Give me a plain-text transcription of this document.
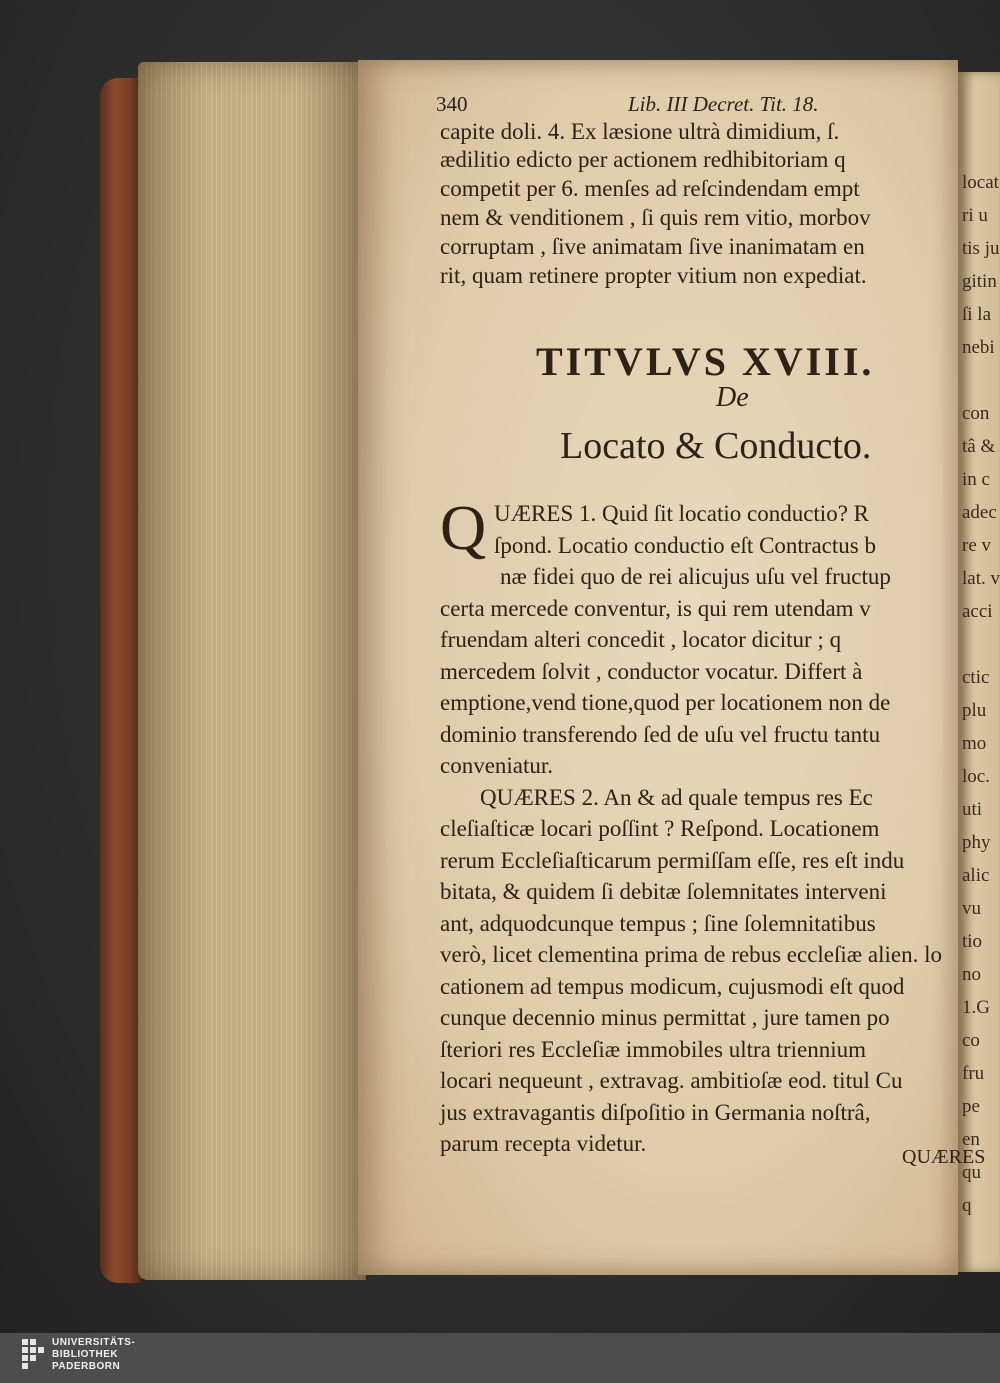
locat
ri u
tis ju
gitin
ſi la
nebi
con
tâ &
in c
adec
re v
lat. v
acci
ctic
plu
mo
loc.
uti
phy
alic
vu
tio
no
1.G
co
fru
pe
en
qu
q
340	Lib. III Decret. Tit. 18.
capite doli. 4. Ex læsione ultrà dimidium, ſ.
ædilitio edicto per actionem redhibitoriam q
competit per 6. menſes ad reſcindendam empt
nem & venditionem , ſi quis rem vitio, morbov
corruptam , ſive animatam ſive inanimatam en
rit, quam retinere propter vitium non expediat.
TITVLVS XVIII.
De
Locato & Conducto.
Q UÆRES 1. Quid ſit locatio conductio? R
ſpond. Locatio conductio eſt Contractus b
næ fidei quo de rei alicujus uſu vel fructup
certa mercede conventur, is qui rem utendam v
fruendam alteri concedit , locator dicitur ; q
mercedem ſolvit , conductor vocatur. Differt à
emptione,vend tione,quod per locationem non de
dominio transferendo ſed de uſu vel fructu tantu
conveniatur.
QUÆRES 2. An & ad quale tempus res Ec
cleſiaſticæ locari poſſint ? Reſpond. Locationem
rerum Eccleſiaſticarum permiſſam eſſe, res eſt indu
bitata, & quidem ſi debitæ ſolemnitates interveni
ant, adquodcunque tempus ; ſine ſolemnitatibus
verò, licet clementina prima de rebus eccleſiæ alien. lo
cationem ad tempus modicum, cujusmodi eſt quod
cunque decennio minus permittat , jure tamen po
ſteriori res Eccleſiæ immobiles ultra triennium
locari nequeunt , extravag. ambitioſæ eod. titul Cu
jus extravagantis diſpoſitio in Germania noſtrâ,
parum recepta videtur.
QUÆRES
UNIVERSITÄTS-
BIBLIOTHEK
PADERBORN
